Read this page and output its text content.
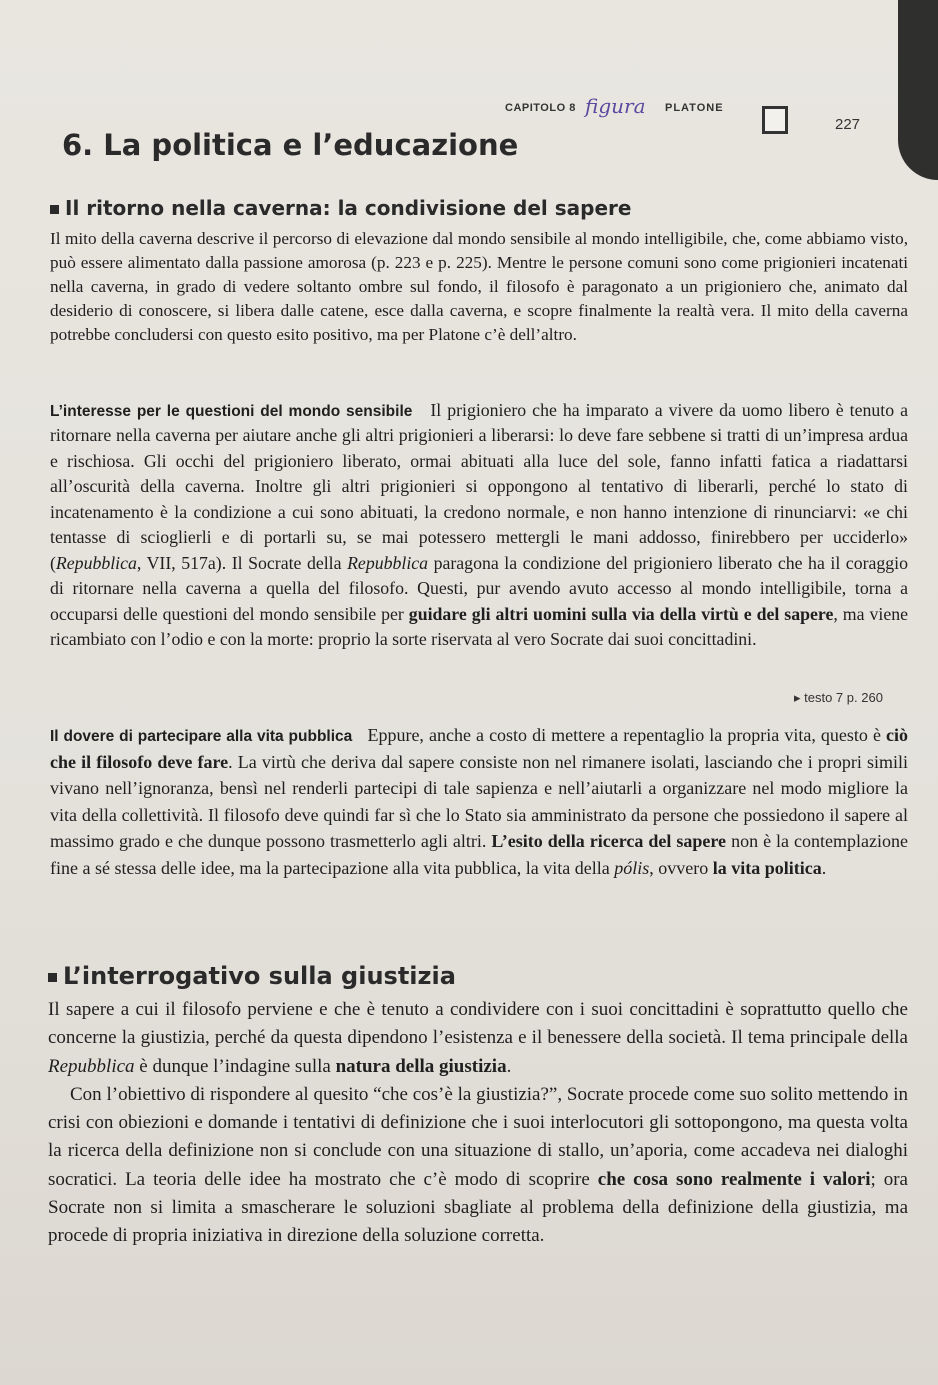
CAPITOLO 8 figura PLATONE
227
6. La politica e l’educazione
Il ritorno nella caverna: la condivisione del sapere

Il mito della caverna descrive il percorso di elevazione dal mondo sensibile al mondo intelligibile, che, come abbiamo visto, può essere alimentato dalla passione amorosa (p. 223 e p. 225). Mentre le persone comuni sono come prigionieri incatenati nella caverna, in grado di vedere soltanto ombre sul fondo, il filosofo è paragonato a un prigioniero che, animato dal desiderio di conoscere, si libera dalle catene, esce dalla caverna, e scopre finalmente la realtà vera. Il mito della caverna potrebbe concludersi con questo esito positivo, ma per Platone c’è dell’altro.

L’interesse per le questioni del mondo sensibile Il prigioniero che ha imparato a vivere da uomo libero è tenuto a ritornare nella caverna per aiutare anche gli altri prigionieri a liberarsi: lo deve fare sebbene si tratti di un’impresa ardua e rischiosa. Gli occhi del prigioniero liberato, ormai abituati alla luce del sole, fanno infatti fatica a riadattarsi all’oscurità della caverna. Inoltre gli altri prigionieri si oppongono al tentativo di liberarli, perché lo stato di incatenamento è la condizione a cui sono abituati, la credono normale, e non hanno intenzione di rinunciarvi: «e chi tentasse di scioglierli e di portarli su, se mai potessero mettergli le mani addosso, finirebbero per ucciderlo» (Repubblica, VII, 517a). Il Socrate della Repubblica paragona la condizione del prigioniero liberato che ha il coraggio di ritornare nella caverna a quella del filosofo. Questi, pur avendo avuto accesso al mondo intelligibile, torna a occuparsi delle questioni del mondo sensibile per guidare gli altri uomini sulla via della virtù e del sapere, ma viene ricambiato con l’odio e con la morte: proprio la sorte riservata al vero Socrate dai suoi concittadini.

▸ testo 7 p. 260

Il dovere di partecipare alla vita pubblica Eppure, anche a costo di mettere a repentaglio la propria vita, questo è ciò che il filosofo deve fare. La virtù che deriva dal sapere consiste non nel rimanere isolati, lasciando che i propri simili vivano nell’ignoranza, bensì nel renderli partecipi di tale sapienza e nell’aiutarli a organizzare nel modo migliore la vita della collettività. Il filosofo deve quindi far sì che lo Stato sia amministrato da persone che possiedono il sapere al massimo grado e che dunque possono trasmetterlo agli altri. L’esito della ricerca del sapere non è la contemplazione fine a sé stessa delle idee, ma la partecipazione alla vita pubblica, la vita della pólis, ovvero la vita politica.

L’interrogativo sulla giustizia

Il sapere a cui il filosofo perviene e che è tenuto a condividere con i suoi concittadini è soprattutto quello che concerne la giustizia, perché da questa dipendono l’esistenza e il benessere della società. Il tema principale della Repubblica è dunque l’indagine sulla natura della giustizia.

Con l’obiettivo di rispondere al quesito “che cos’è la giustizia?”, Socrate procede come suo solito mettendo in crisi con obiezioni e domande i tentativi di definizione che i suoi interlocutori gli sottopongono, ma questa volta la ricerca della definizione non si conclude con una situazione di stallo, un’aporia, come accadeva nei dialoghi socratici. La teoria delle idee ha mostrato che c’è modo di scoprire che cosa sono realmente i valori; ora Socrate non si limita a smascherare le soluzioni sbagliate al problema della definizione della giustizia, ma procede di propria iniziativa in direzione della soluzione corretta.
